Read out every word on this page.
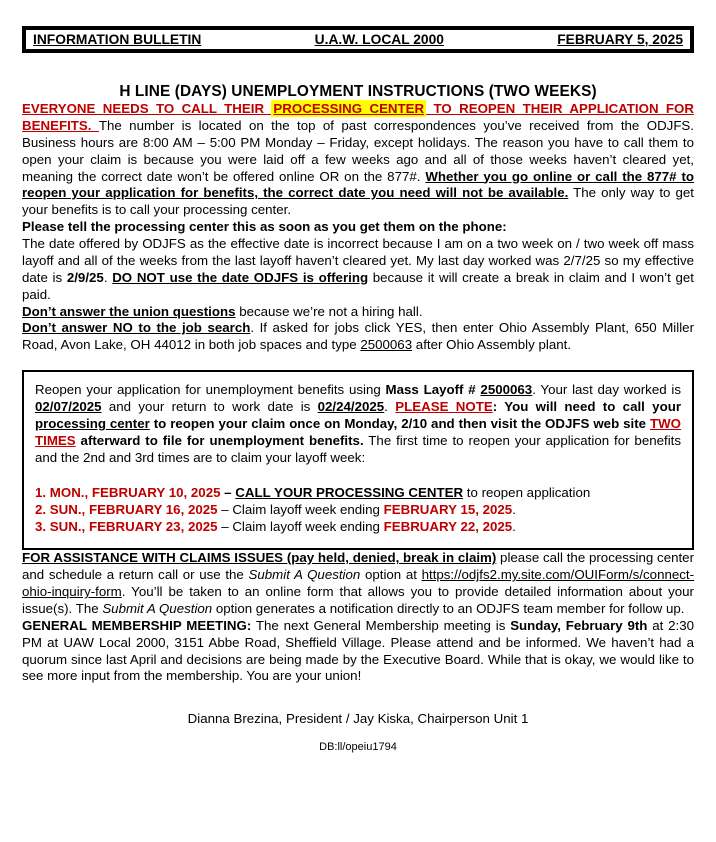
INFORMATION BULLETIN	U.A.W. LOCAL 2000	FEBRUARY 5, 2025
H LINE (DAYS) UNEMPLOYMENT INSTRUCTIONS (TWO WEEKS)

EVERYONE NEEDS TO CALL THEIR PROCESSING CENTER TO REOPEN THEIR APPLICATION FOR BENEFITS. The number is located on the top of past correspondences you’ve received from the ODJFS. Business hours are 8:00 AM – 5:00 PM Monday – Friday, except holidays. The reason you have to call them to open your claim is because you were laid off a few weeks ago and all of those weeks haven’t cleared yet, meaning the correct date won’t be offered online OR on the 877#. Whether you go online or call the 877# to reopen your application for benefits, the correct date you need will not be available. The only way to get your benefits is to call your processing center.

Please tell the processing center this as soon as you get them on the phone:

The date offered by ODJFS as the effective date is incorrect because I am on a two week on / two week off mass layoff and all of the weeks from the last layoff haven’t cleared yet. My last day worked was 2/7/25 so my effective date is 2/9/25. DO NOT use the date ODJFS is offering because it will create a break in claim and I won’t get paid.

Don’t answer the union questions because we’re not a hiring hall.

Don’t answer NO to the job search. If asked for jobs click YES, then enter Ohio Assembly Plant, 650 Miller Road, Avon Lake, OH 44012 in both job spaces and type 2500063 after Ohio Assembly plant.

Reopen your application for unemployment benefits using Mass Layoff # 2500063. Your last day worked is 02/07/2025 and your return to work date is 02/24/2025. PLEASE NOTE: You will need to call your processing center to reopen your claim once on Monday, 2/10 and then visit the ODJFS web site TWO TIMES afterward to file for unemployment benefits. The first time to reopen your application for benefits and the 2nd and 3rd times are to claim your layoff week:

1. MON., FEBRUARY 10, 2025 – CALL YOUR PROCESSING CENTER to reopen application
2. SUN., FEBRUARY 16, 2025 – Claim layoff week ending FEBRUARY 15, 2025.
3. SUN., FEBRUARY 23, 2025 – Claim layoff week ending FEBRUARY 22, 2025.

FOR ASSISTANCE WITH CLAIMS ISSUES (pay held, denied, break in claim) please call the processing center and schedule a return call or use the Submit A Question option at https://odjfs2.my.site.com/OUIForm/s/connect-ohio-inquiry-form. You’ll be taken to an online form that allows you to provide detailed information about your issue(s). The Submit A Question option generates a notification directly to an ODJFS team member for follow up.

GENERAL MEMBERSHIP MEETING: The next General Membership meeting is Sunday, February 9th at 2:30 PM at UAW Local 2000, 3151 Abbe Road, Sheffield Village. Please attend and be informed. We haven’t had a quorum since last April and decisions are being made by the Executive Board. While that is okay, we would like to see more input from the membership. You are your union!

Dianna Brezina, President / Jay Kiska, Chairperson Unit 1
DB:ll/opeiu1794
